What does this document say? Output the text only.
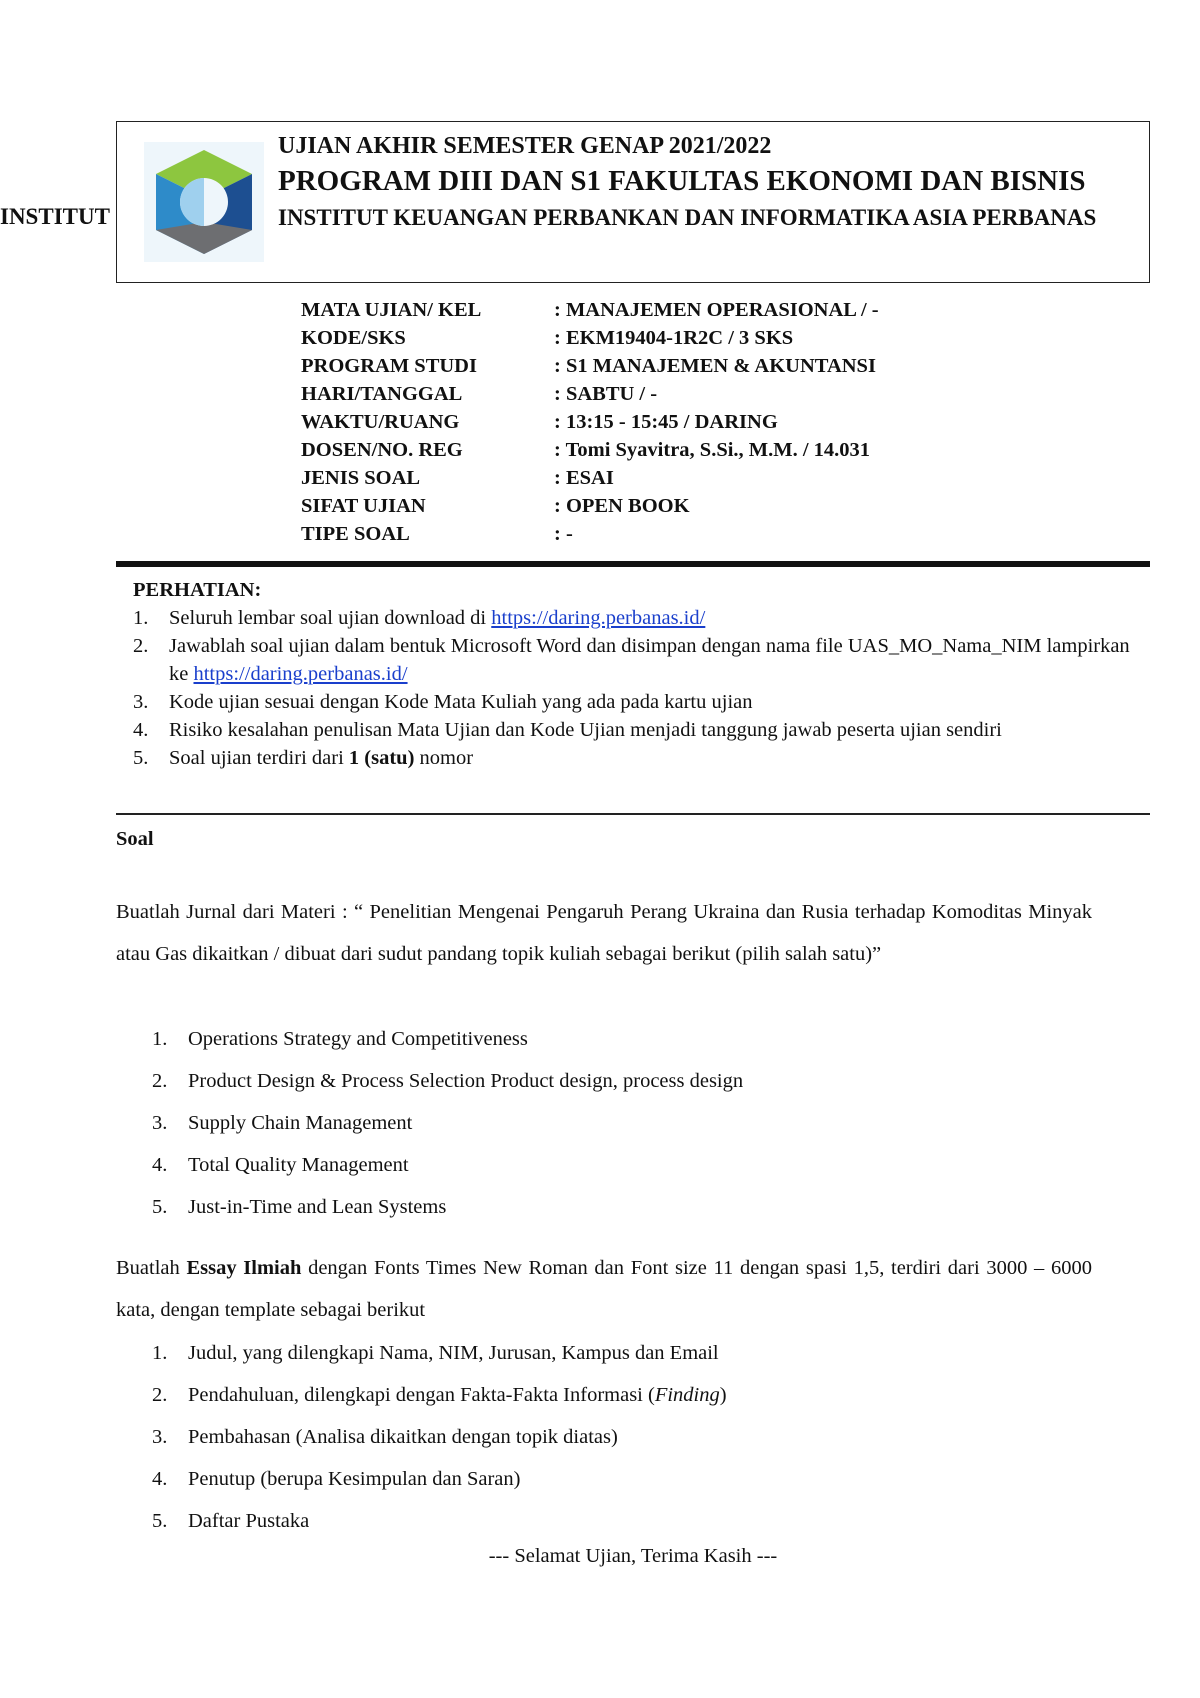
INSTITUT
UJIAN AKHIR SEMESTER GENAP 2021/2022
PROGRAM DIII DAN S1 FAKULTAS EKONOMI DAN BISNIS
INSTITUT KEUANGAN PERBANKAN DAN INFORMATIKA ASIA PERBANAS
MATA UJIAN/ KEL	: MANAJEMEN OPERASIONAL / -
KODE/SKS	: EKM19404-1R2C / 3 SKS
PROGRAM STUDI	: S1 MANAJEMEN & AKUNTANSI
HARI/TANGGAL	: SABTU / -
WAKTU/RUANG	: 13:15 - 15:45 / DARING
DOSEN/NO. REG	: Tomi Syavitra, S.Si., M.M. / 14.031
JENIS SOAL	: ESAI
SIFAT UJIAN	: OPEN BOOK
TIPE SOAL	: -
PERHATIAN:
1. Seluruh lembar soal ujian download di https://daring.perbanas.id/
2. Jawablah soal ujian dalam bentuk Microsoft Word dan disimpan dengan nama file UAS_MO_Nama_NIM lampirkan ke https://daring.perbanas.id/
3. Kode ujian sesuai dengan Kode Mata Kuliah yang ada pada kartu ujian
4. Risiko kesalahan penulisan Mata Ujian dan Kode Ujian menjadi tanggung jawab peserta ujian sendiri
5. Soal ujian terdiri dari 1 (satu) nomor
Soal
Buatlah Jurnal dari Materi : “ Penelitian Mengenai Pengaruh Perang Ukraina dan Rusia terhadap Komoditas Minyak atau Gas dikaitkan / dibuat dari sudut pandang topik kuliah sebagai berikut (pilih salah satu)”
1. Operations Strategy and Competitiveness
2. Product Design & Process Selection Product design, process design
3. Supply Chain Management
4. Total Quality Management
5. Just-in-Time and Lean Systems
Buatlah Essay Ilmiah dengan Fonts Times New Roman dan Font size 11 dengan spasi 1,5, terdiri dari 3000 – 6000 kata, dengan template sebagai berikut
1. Judul, yang dilengkapi Nama, NIM, Jurusan, Kampus dan Email
2. Pendahuluan, dilengkapi dengan Fakta-Fakta Informasi (Finding)
3. Pembahasan (Analisa dikaitkan dengan topik diatas)
4. Penutup (berupa Kesimpulan dan Saran)
5. Daftar Pustaka
--- Selamat Ujian, Terima Kasih ---
